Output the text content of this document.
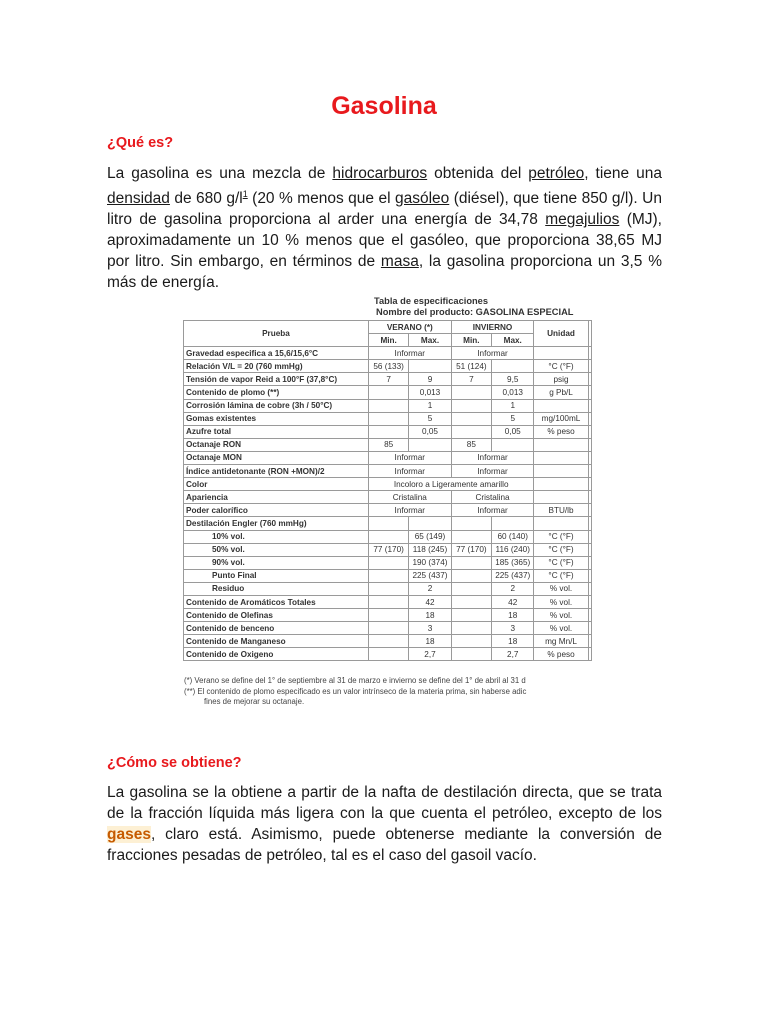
Gasolina
¿Qué es?
La gasolina es una mezcla de hidrocarburos obtenida del petróleo, tiene una densidad de 680 $g/l^1$ (20 % menos que el gasóleo (diésel), que tiene 850 g/l). Un litro de gasolina proporciona al arder una energía de 34,78 megajulios (MJ), aproximadamente un 10 % menos que el gasóleo, que proporciona 38,65 MJ por litro. Sin embargo, en términos de masa, la gasolina proporciona un 3,5 % más de energía.
Tabla de especificaciones
Nombre del producto: GASOLINA ESPECIAL
Prueba	VERANO (*)		INVIERNO		Unidad	
	Min.	Max.	Min.	Max.		
Gravedad especifica a 15,6/15,6°C	Informar		Informar			
Relación V/L = 20 (760 mmHg)	56 (133)		51 (124)		°C (°F)	
Tensión de vapor Reid a 100°F (37,8°C)	7	9	7	9,5	psig	
Contenido de plomo (**)		0,013		0,013	g Pb/L	
Corrosión lámina de cobre (3h / 50°C)		1		1		
Gomas existentes		5		5	mg/100mL	
Azufre total		0,05		0,05	% peso	
Octanaje RON	85		85			
Octanaje MON	Informar		Informar			
Índice antidetonante (RON +MON)/2	Informar		Informar			
Color	Incoloro a Ligeramente amarillo					
Apariencia	Cristalina		Cristalina			
Poder calorífico	Informar		Informar		BTU/lb	
Destilación Engler (760 mmHg)						
10% vol.		65 (149)		60 (140)	°C (°F)	
50% vol.	77 (170)	118 (245)	77 (170)	116 (240)	°C (°F)	
90% vol.		190 (374)		185 (365)	°C (°F)	
Punto Final		225 (437)		225 (437)	°C (°F)	
Residuo		2		2	% vol.	
Contenido de Aromáticos Totales		42		42	% vol.	
Contenido de Olefinas		18		18	% vol.	
Contenido de benceno		3		3	% vol.	
Contenido de Manganeso		18		18	mg Mn/L	
Contenido de Oxigeno		2,7		2,7	% peso	
(*) Verano se define del 1° de septiembre al 31 de marzo e invierno se define del 1° de abril al 31 d
(**) El contenido de plomo especificado es un valor intrínseco de la materia prima, sin haberse adic
fines de mejorar su octanaje.
¿Cómo se obtiene?
La gasolina se la obtiene a partir de la nafta de destilación directa, que se trata de la fracción líquida más ligera con la que cuenta el petróleo, excepto de los gases, claro está. Asimismo, puede obtenerse mediante la conversión de fracciones pesadas de petróleo, tal es el caso del gasoil vacío.
